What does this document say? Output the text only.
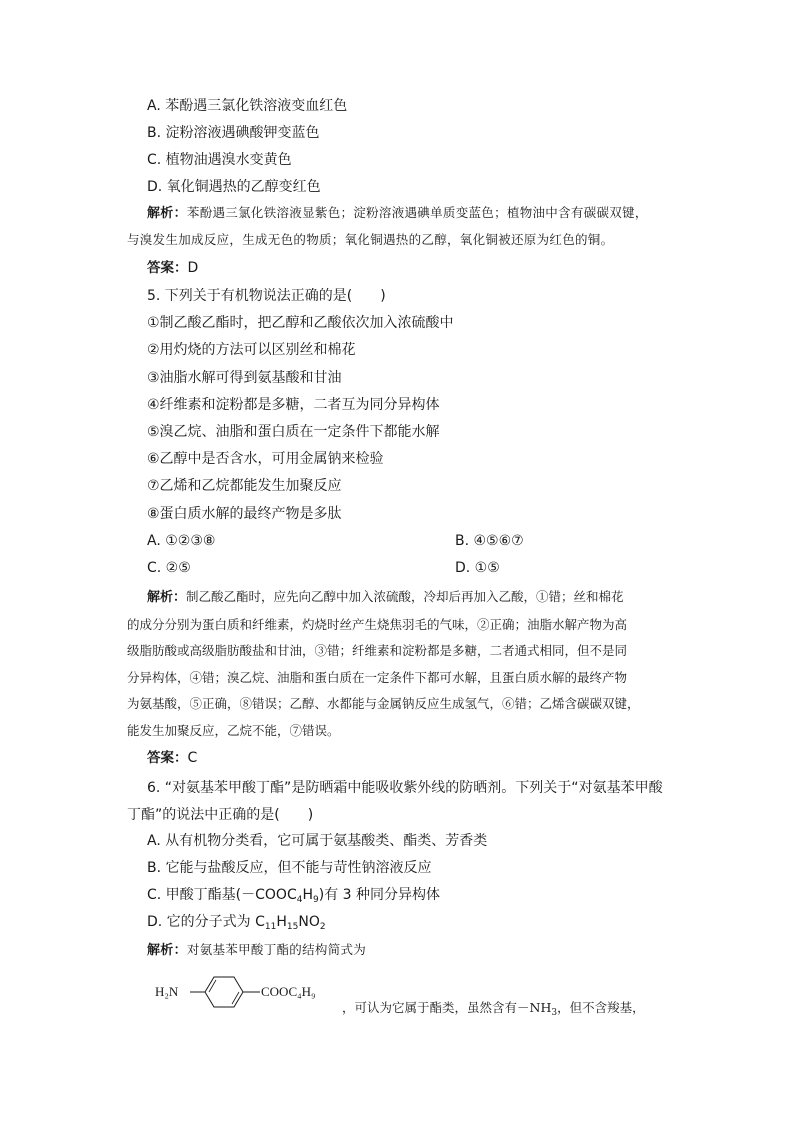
A. 苯酚遇三氯化铁溶液变血红色
B. 淀粉溶液遇碘酸钾变蓝色
C. 植物油遇溴水变黄色
D. 氧化铜遇热的乙醇变红色
解析：苯酚遇三氯化铁溶液显紫色；淀粉溶液遇碘单质变蓝色；植物油中含有碳碳双键，
与溴发生加成反应，生成无色的物质；氧化铜遇热的乙醇，氧化铜被还原为红色的铜。
答案：D
5. 下列关于有机物说法正确的是(　　)
①制乙酸乙酯时，把乙醇和乙酸依次加入浓硫酸中
②用灼烧的方法可以区别丝和棉花
③油脂水解可得到氨基酸和甘油
④纤维素和淀粉都是多糖，二者互为同分异构体
⑤溴乙烷、油脂和蛋白质在一定条件下都能水解
⑥乙醇中是否含水，可用金属钠来检验
⑦乙烯和乙烷都能发生加聚反应
⑧蛋白质水解的最终产物是多肽
A. ①②③⑧	B. ④⑤⑥⑦
C. ②⑤	D. ①⑤
解析：制乙酸乙酯时，应先向乙醇中加入浓硫酸，冷却后再加入乙酸，①错；丝和棉花
的成分分别为蛋白质和纤维素，灼烧时丝产生烧焦羽毛的气味，②正确；油脂水解产物为高
级脂肪酸或高级脂肪酸盐和甘油，③错；纤维素和淀粉都是多糖，二者通式相同，但不是同
分异构体，④错；溴乙烷、油脂和蛋白质在一定条件下都可水解，且蛋白质水解的最终产物
为氨基酸，⑤正确，⑧错误；乙醇、水都能与金属钠反应生成氢气，⑥错；乙烯含碳碳双键，
能发生加聚反应，乙烷不能，⑦错误。
答案：C
6. “对氨基苯甲酸丁酯”是防晒霜中能吸收紫外线的防晒剂。下列关于“对氨基苯甲酸
丁酯”的说法中正确的是(　　)
A. 从有机物分类看，它可属于氨基酸类、酯类、芳香类
B. 它能与盐酸反应，但不能与苛性钠溶液反应
C. 甲酸丁酯基$(-COOC_4H_9)$有 3 种同分异构体
D. 它的分子式为 $C_{11}H_{15}NO_2$
解析：对氨基苯甲酸丁酯的结构简式为
H₂N	COOC₄H₉
，可认为它属于酯类，虽然含有$-NH_3$，但不含羧基，
